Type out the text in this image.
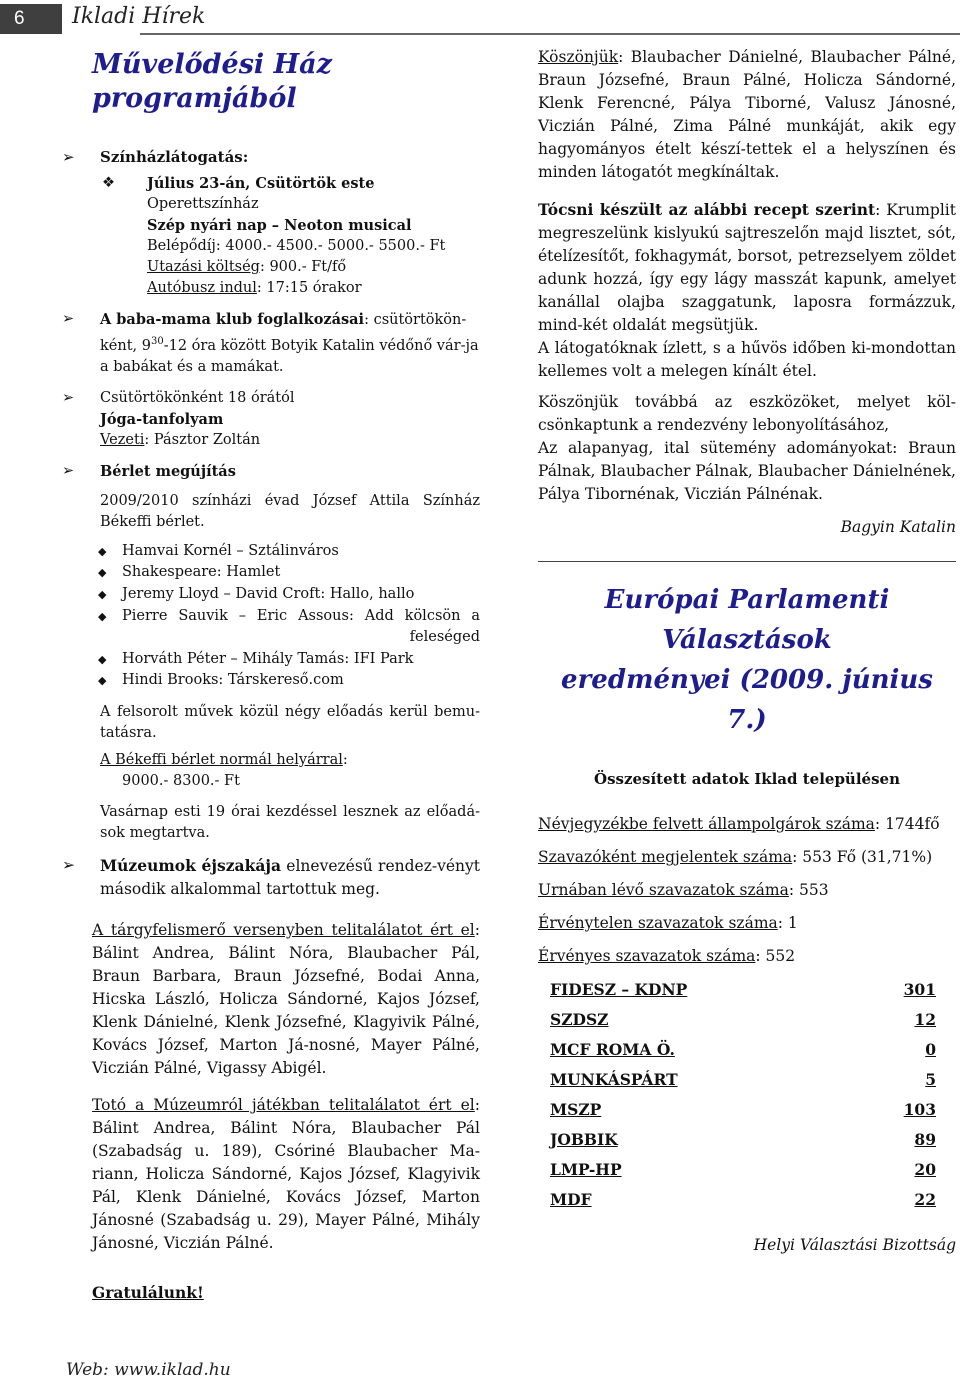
6	Ikladi Hírek
Művelődési Ház programjából
➢ Színházlátogatás:
❖ Július 23-án, Csütörtök este
Operettszínház
Szép nyári nap – Neoton musical
Belépődíj: 4000.- 4500.- 5000.- 5500.- Ft
Utazási költség: 900.- Ft/fő
Autóbusz indul: 17:15 órakor
➢ A baba-mama klub foglalkozásai: csütörtökön-ként, $9^{30}-12$ óra között Botyik Katalin védőnő vár-ja a babákat és a mamákat.
➢ Csütörtökönként 18 órától
Jóga-tanfolyam
Vezeti: Pásztor Zoltán
➢ Bérlet megújítás

2009/2010 színházi évad József Attila Színház Békeffi bérlet.

◆ Hamvai Kornél – Sztálinváros
◆ Shakespeare: Hamlet
◆ Jeremy Lloyd – David Croft: Hallo, hallo
◆ Pierre Sauvik – Eric Assous: Add kölcsön a feleséged
◆ Horváth Péter – Mihály Tamás: IFI Park
◆ Hindi Brooks: Társkereső.com

A felsorolt művek közül négy előadás kerül bemu-tatásra.

A Békeffi bérlet normál helyárral:

9000.- 8300.- Ft

Vasárnap esti 19 órai kezdéssel lesznek az előadá-sok megtartva.

➢ Múzeumok éjszakája elnevezésű rendez-vényt második alkalommal tartottuk meg.

A tárgyfelismerő versenyben telitalálatot ért el: Bálint Andrea, Bálint Nóra, Blaubacher Pál, Braun Barbara, Braun Józsefné, Bodai Anna, Hicska László, Holicza Sándorné, Kajos József, Klenk Dánielné, Klenk Józsefné, Klagyivik Pálné, Kovács József, Marton Já-nosné, Mayer Pálné, Viczián Pálné, Vigassy Abigél.

Totó a Múzeumról játékban telitalálatot ért el: Bálint Andrea, Bálint Nóra, Blaubacher Pál (Szabadság u. 189), Csóriné Blaubacher Ma-riann, Holicza Sándorné, Kajos József, Klagyivik Pál, Klenk Dánielné, Kovács József, Marton Jánosné (Szabadság u. 29), Mayer Pálné, Mihály Jánosné, Viczián Pálné.

Gratulálunk!

Köszönjük: Blaubacher Dánielné, Blaubacher Pálné, Braun Józsefné, Braun Pálné, Holicza Sándorné, Klenk Ferencné, Pálya Tiborné, Valusz Jánosné, Viczián Pálné, Zima Pálné munkáját, akik egy hagyományos ételt készí-tettek el a helyszínen és minden látogatót megkínáltak.

Tócsni készült az alábbi recept szerint: Krumplit megreszelünk kislyukú sajtreszelőn majd lisztet, sót, ételízesítőt, fokhagymát, borsot, petrezselyem zöldet adunk hozzá, így egy lágy masszát kapunk, amelyet kanállal olajba szaggatunk, laposra formázzuk, mind-két oldalát megsütjük.

A látogatóknak ízlett, s a hűvös időben ki-mondottan kellemes volt a melegen kínált étel.

Köszönjük továbbá az eszközöket, melyet köl-csönkaptunk a rendezvény lebonyolításához,

Az alapanyag, ital sütemény adományokat: Braun Pálnak, Blaubacher Pálnak, Blaubacher Dánielnének, Pálya Tibornénak, Viczián Pálnénak.

Bagyin Katalin

Európai Parlamenti Választások
eredményei (2009. június 7.)
Összesített adatok Iklad településen
Névjegyzékbe felvett állampolgárok száma: 1744fő
Szavazóként megjelentek száma: 553 Fő (31,71%)
Urnában lévő szavazatok száma: 553
Érvénytelen szavazatok száma: 1
Érvényes szavazatok száma: 552
FIDESZ – KDNP	301
SZDSZ	12
MCF ROMA Ö.	0
MUNKÁSPÁRT	5
MSZP	103
JOBBIK	89
LMP-HP	20
MDF	22

Helyi Választási Bizottság

Web: www.iklad.hu
